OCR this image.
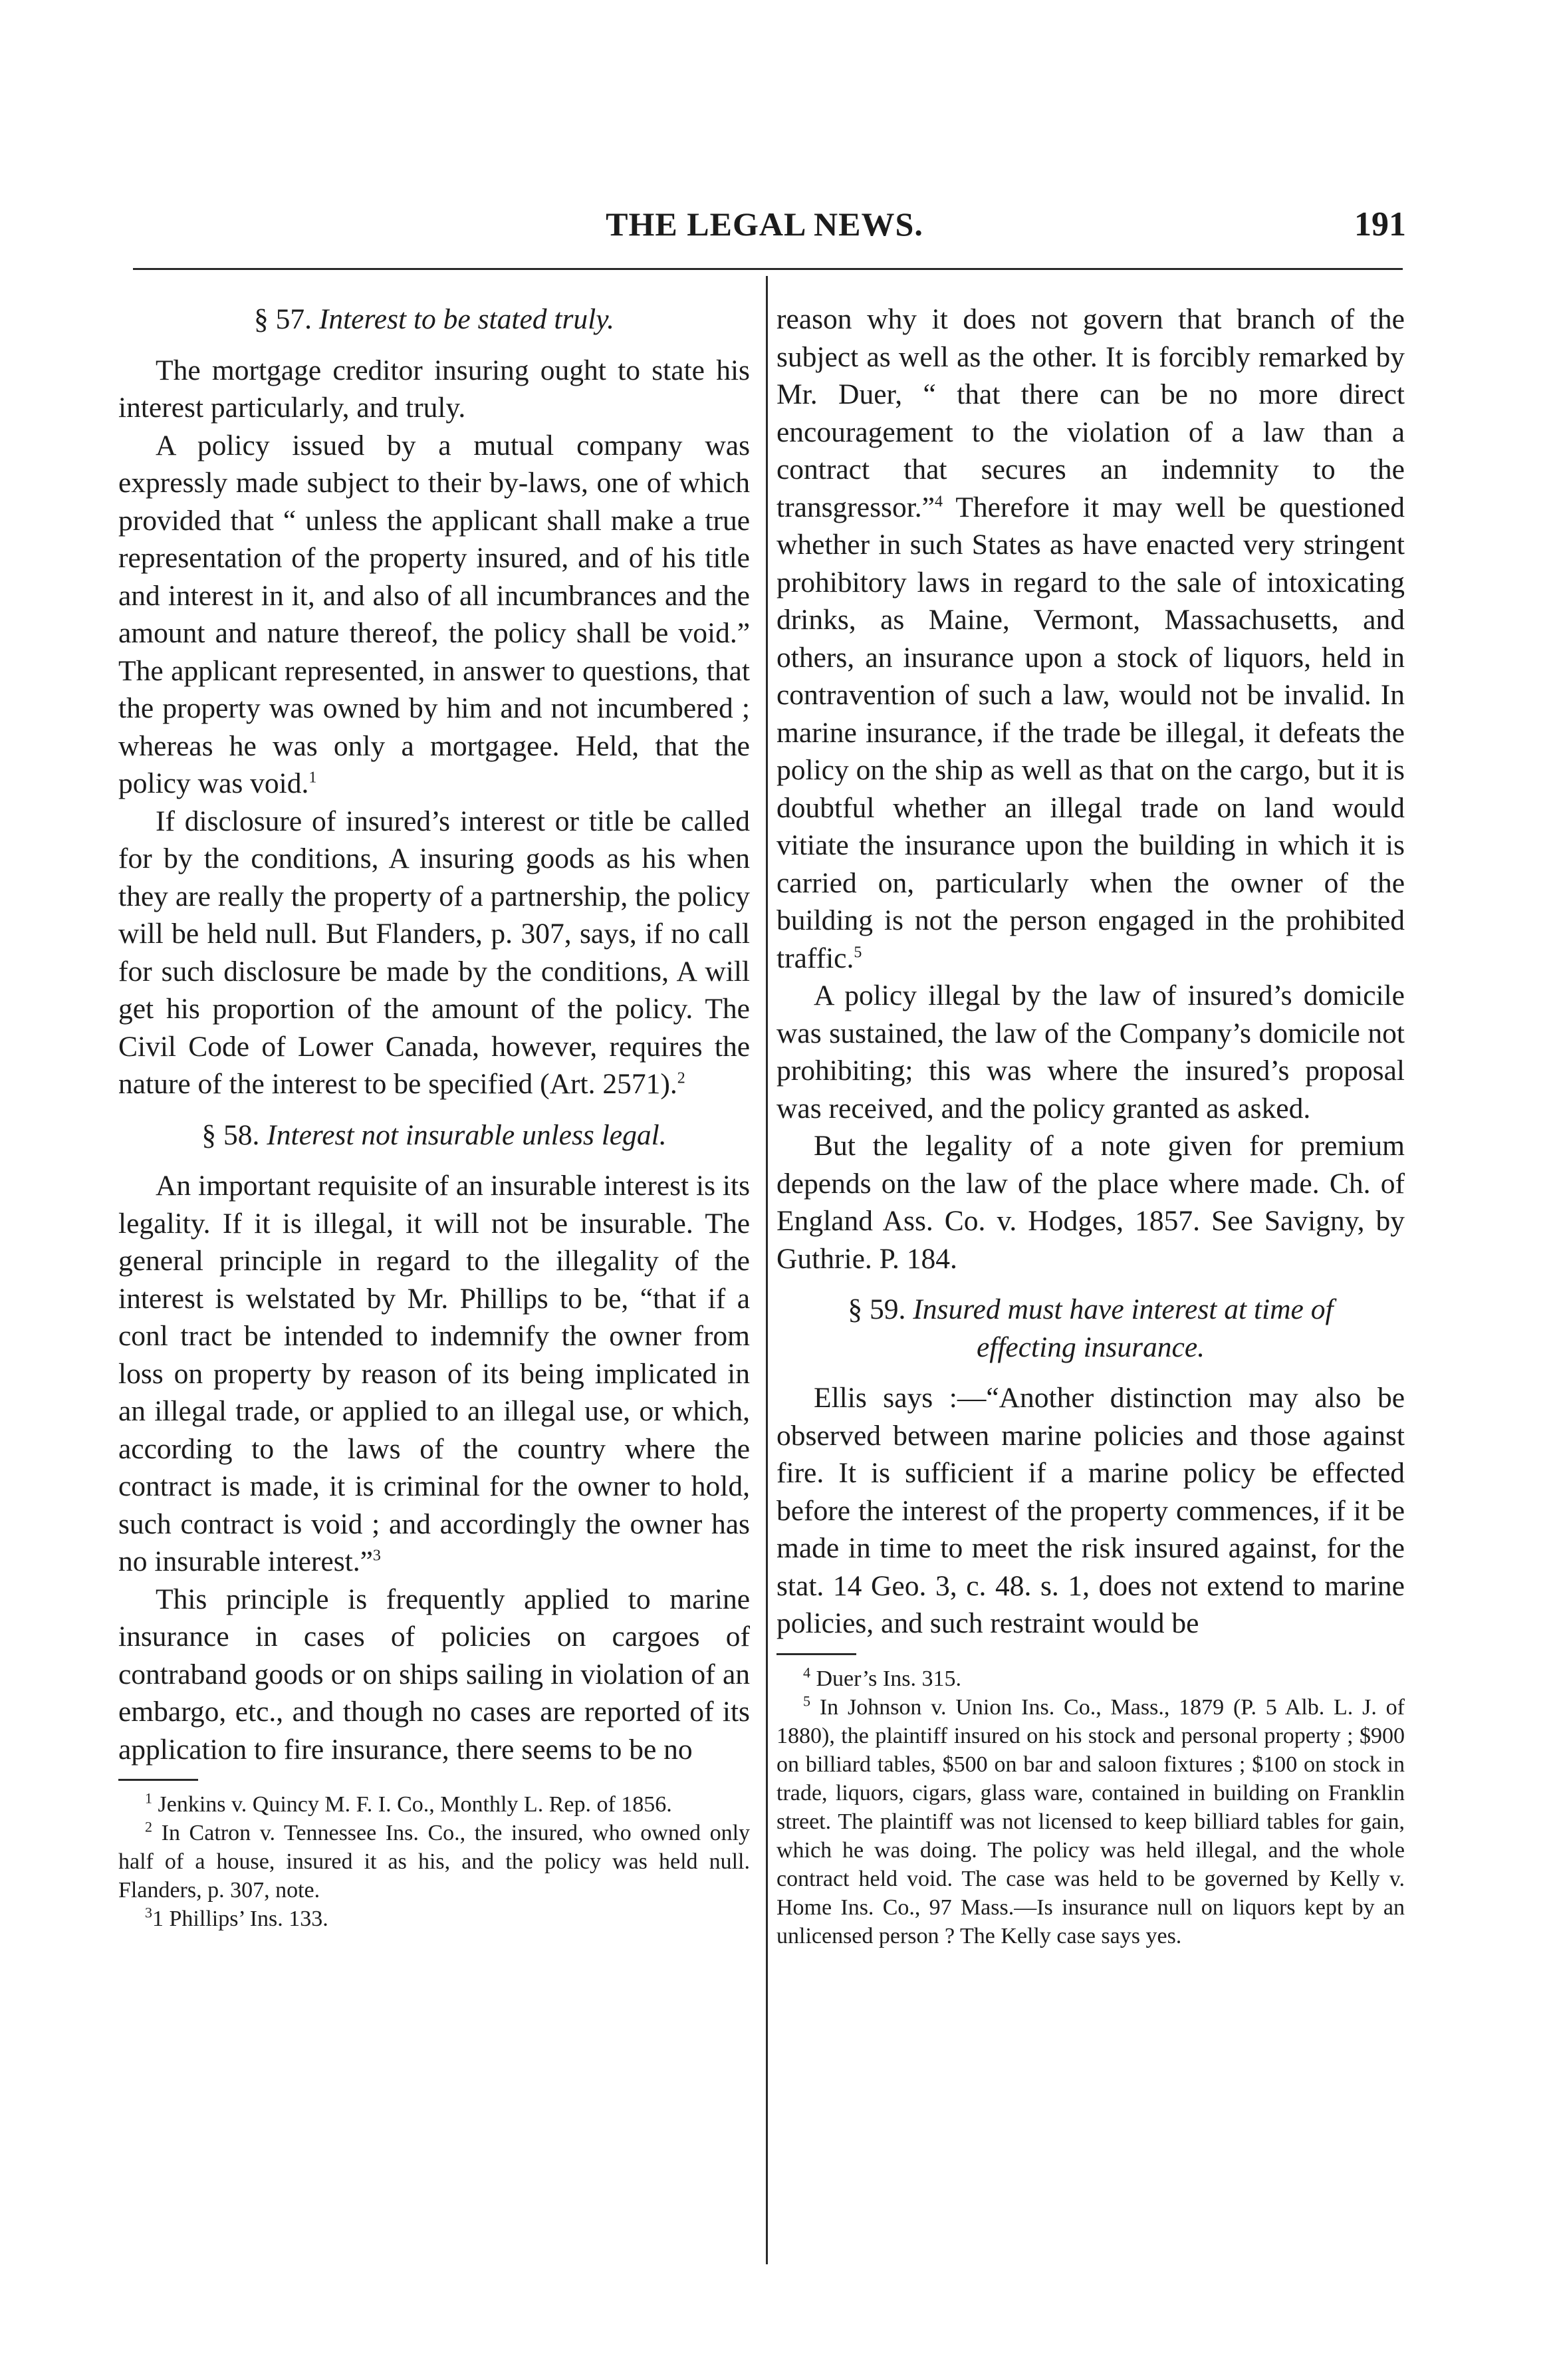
THE LEGAL NEWS.	191
§ 57. Interest to be stated truly.

The mortgage creditor insuring ought to state his interest particularly, and truly.

A policy issued by a mutual company was expressly made subject to their by-laws, one of which provided that “ unless the applicant shall make a true representation of the property insured, and of his title and interest in it, and also of all incumbrances and the amount and nature thereof, the policy shall be void.” The applicant represented, in answer to questions, that the property was owned by him and not incumbered ; whereas he was only a mortgagee. Held, that the policy was void.$^1$

If disclosure of insured’s interest or title be called for by the conditions, A insuring goods as his when they are really the property of a partnership, the policy will be held null. But Flanders, p. 307, says, if no call for such disclosure be made by the conditions, A will get his proportion of the amount of the policy. The Civil Code of Lower Canada, however, requires the nature of the interest to be specified (Art. 2571).$^2$

§ 58. Interest not insurable unless legal.

An important requisite of an insurable interest is its legality. If it is illegal, it will not be insurable. The general principle in regard to the illegality of the interest is welstated by Mr. Phillips to be, “that if a conl tract be intended to indemnify the owner from loss on property by reason of its being implicated in an illegal trade, or applied to an illegal use, or which, according to the laws of the country where the contract is made, it is criminal for the owner to hold, such contract is void ; and accordingly the owner has no insurable interest.”$^3$

This principle is frequently applied to marine insurance in cases of policies on cargoes of contraband goods or on ships sailing in violation of an embargo, etc., and though no cases are reported of its application to fire insurance, there seems to be no

$^1$ Jenkins v. Quincy M. F. I. Co., Monthly L. Rep. of 1856.

$^2$ In Catron v. Tennessee Ins. Co., the insured, who owned only half of a house, insured it as his, and the policy was held null. Flanders, p. 307, note.

$^3$1 Phillips’ Ins. 133.

reason why it does not govern that branch of the subject as well as the other. It is forcibly remarked by Mr. Duer, “ that there can be no more direct encouragement to the violation of a law than a contract that secures an indemnity to the transgressor.”$^4$ Therefore it may well be questioned whether in such States as have enacted very stringent prohibitory laws in regard to the sale of intoxicating drinks, as Maine, Vermont, Massachusetts, and others, an insurance upon a stock of liquors, held in contravention of such a law, would not be invalid. In marine insurance, if the trade be illegal, it defeats the policy on the ship as well as that on the cargo, but it is doubtful whether an illegal trade on land would vitiate the insurance upon the building in which it is carried on, particularly when the owner of the building is not the person engaged in the prohibited traffic.$^5$

A policy illegal by the law of insured’s domicile was sustained, the law of the Company’s domicile not prohibiting; this was where the insured’s proposal was received, and the policy granted as asked.

But the legality of a note given for premium depends on the law of the place where made. Ch. of England Ass. Co. v. Hodges, 1857. See Savigny, by Guthrie. P. 184.

§ 59. Insured must have interest at time of
effecting insurance.

Ellis says :—“Another distinction may also be observed between marine policies and those against fire. It is sufficient if a marine policy be effected before the interest of the property commences, if it be made in time to meet the risk insured against, for the stat. 14 Geo. 3, c. 48. s. 1, does not extend to marine policies, and such restraint would be

$^4$ Duer’s Ins. 315.

$^5$ In Johnson v. Union Ins. Co., Mass., 1879 (P. 5 Alb. L. J. of 1880), the plaintiff insured on his stock and personal property ; $900 on billiard tables, $500 on bar and saloon fixtures ; $100 on stock in trade, liquors, cigars, glass ware, contained in building on Franklin street. The plaintiff was not licensed to keep billiard tables for gain, which he was doing. The policy was held illegal, and the whole contract held void. The case was held to be governed by Kelly v. Home Ins. Co., 97 Mass.—Is insurance null on liquors kept by an unlicensed person ? The Kelly case says yes.
